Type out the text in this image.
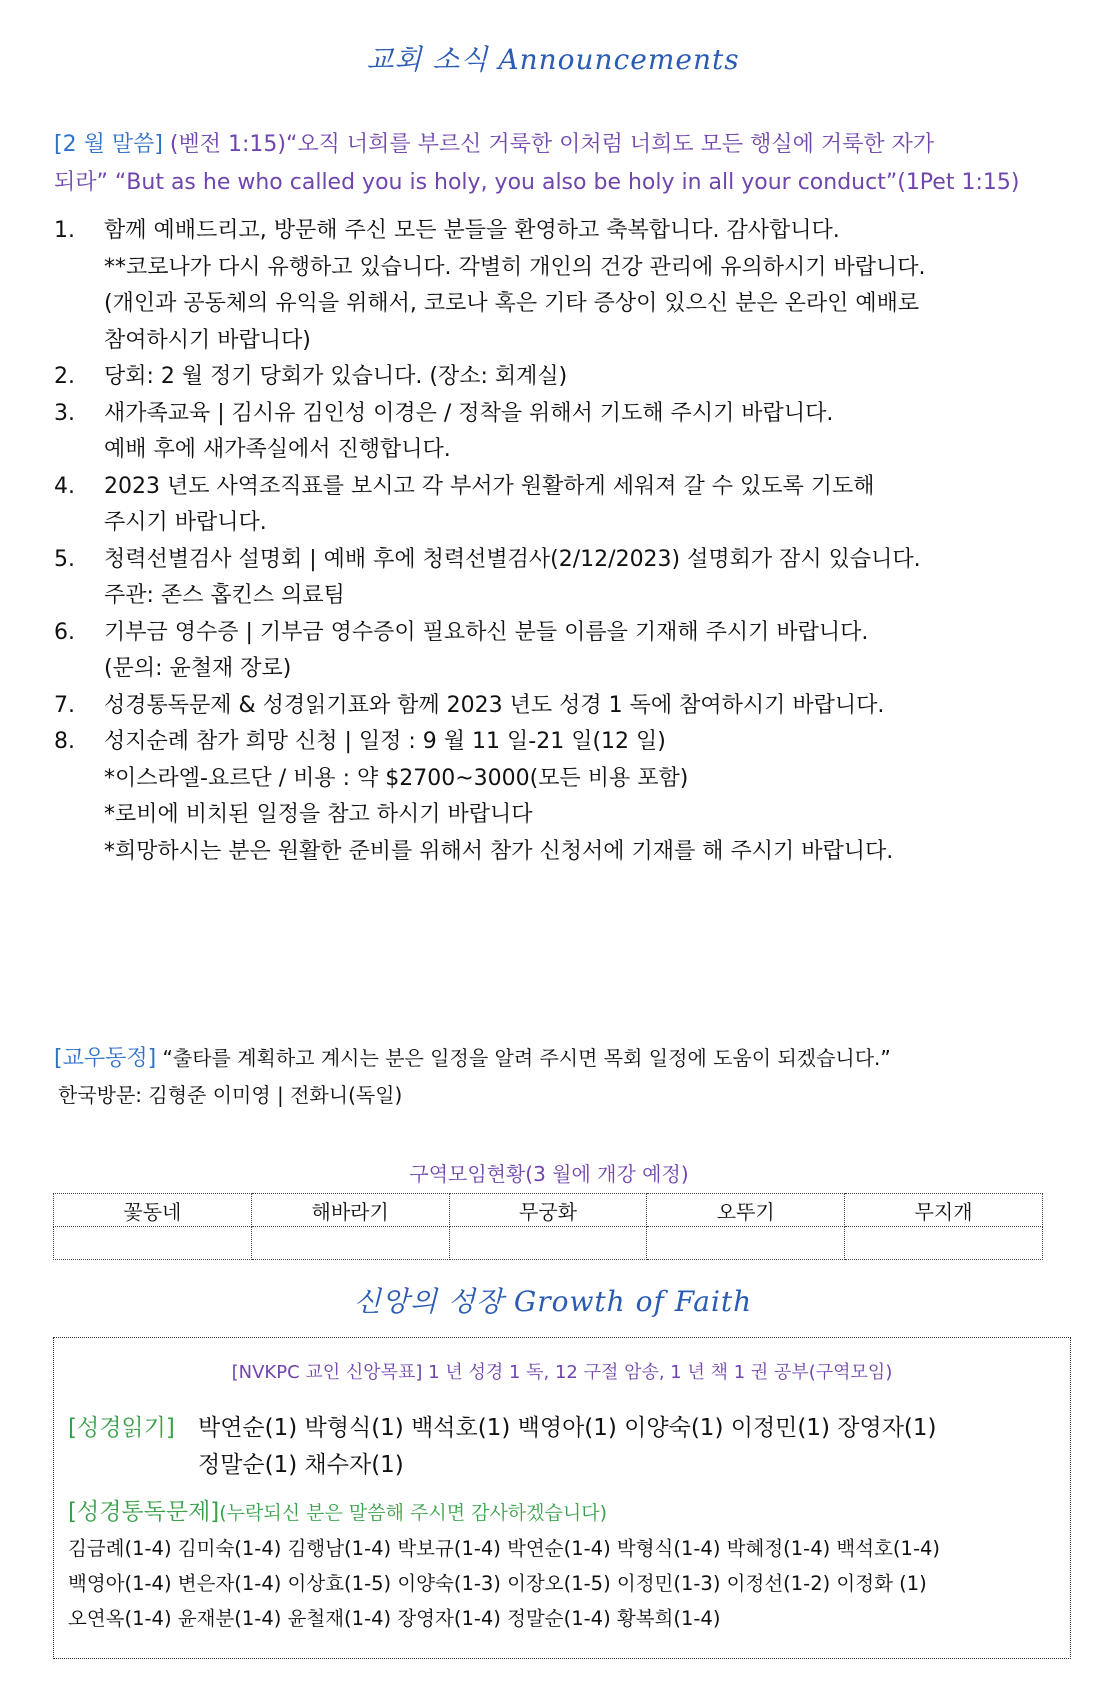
교회 소식 Announcements
[2 월 말씀] (벧전 1:15)“오직 너희를 부르신 거룩한 이처럼 너희도 모든 행실에 거룩한 자가
되라” “But as he who called you is holy, you also be holy in all your conduct”(1Pet 1:15)
1.	함께 예배드리고, 방문해 주신 모든 분들을 환영하고 축복합니다. 감사합니다.
**코로나가 다시 유행하고 있습니다. 각별히 개인의 건강 관리에 유의하시기 바랍니다.
(개인과 공동체의 유익을 위해서, 코로나 혹은 기타 증상이 있으신 분은 온라인 예배로
참여하시기 바랍니다)
2.	당회: 2 월 정기 당회가 있습니다. (장소: 회계실)
3.	새가족교육 | 김시유 김인성 이경은 / 정착을 위해서 기도해 주시기 바랍니다.
예배 후에 새가족실에서 진행합니다.
4.	2023 년도 사역조직표를 보시고 각 부서가 원활하게 세워져 갈 수 있도록 기도해
주시기 바랍니다.
5.	청력선별검사 설명회 | 예배 후에 청력선별검사(2/12/2023) 설명회가 잠시 있습니다.
주관: 존스 홉킨스 의료팀
6.	기부금 영수증 | 기부금 영수증이 필요하신 분들 이름을 기재해 주시기 바랍니다.
(문의: 윤철재 장로)
7.	성경통독문제 & 성경읽기표와 함께 2023 년도 성경 1 독에 참여하시기 바랍니다.
8.	성지순례 참가 희망 신청 | 일정 : 9 월 11 일-21 일(12 일)
*이스라엘-요르단 / 비용 : 약 $2700~3000(모든 비용 포함)
*로비에 비치된 일정을 참고 하시기 바랍니다
*희망하시는 분은 원활한 준비를 위해서 참가 신청서에 기재를 해 주시기 바랍니다.
[교우동정] “출타를 계획하고 계시는 분은 일정을 알려 주시면 목회 일정에 도움이 되겠습니다.”
한국방문: 김형준 이미영 | 전화니(독일)
구역모임현황(3 월에 개강 예정)
꽃동네	해바라기	무궁화	오뚜기	무지개

신앙의 성장 Growth of Faith
[NVKPC 교인 신앙목표] 1 년 성경 1 독, 12 구절 암송, 1 년 책 1 권 공부(구역모임)
[성경읽기]	박연순(1) 박형식(1) 백석호(1) 백영아(1) 이양숙(1) 이정민(1) 장영자(1)
정말순(1) 채수자(1)
[성경통독문제](누락되신 분은 말씀해 주시면 감사하겠습니다)
김금례(1-4) 김미숙(1-4) 김행남(1-4) 박보규(1-4) 박연순(1-4) 박형식(1-4) 박혜정(1-4) 백석호(1-4)
백영아(1-4) 변은자(1-4) 이상효(1-5) 이양숙(1-3) 이장오(1-5) 이정민(1-3) 이정선(1-2) 이정화 (1)
오연옥(1-4) 윤재분(1-4) 윤철재(1-4) 장영자(1-4) 정말순(1-4) 황복희(1-4)
